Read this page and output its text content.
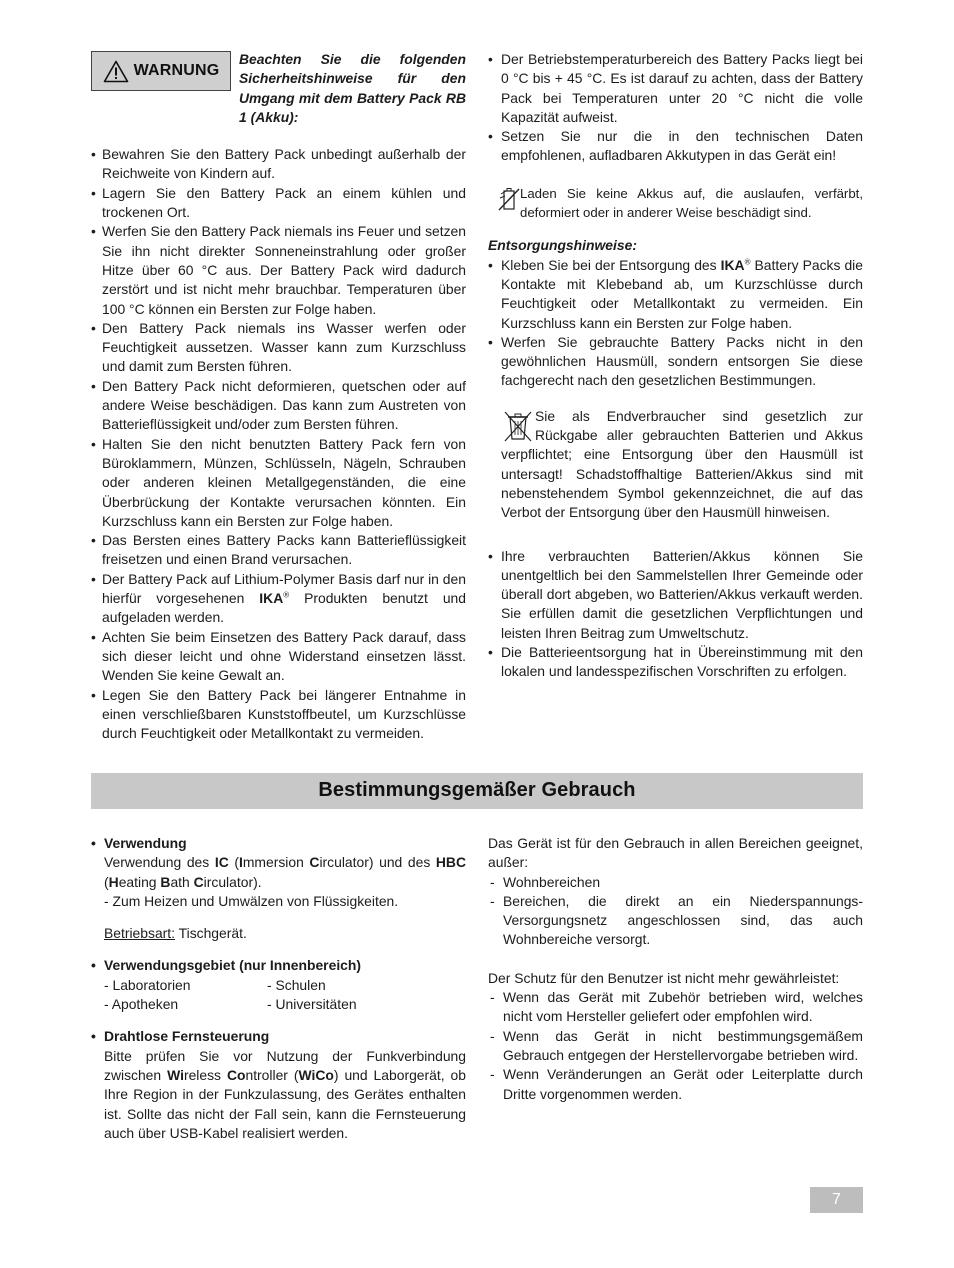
WARNUNG
Beachten Sie die folgenden Sicherheitshinweise für den Umgang mit dem Battery Pack RB 1 (Akku):
• Bewahren Sie den Battery Pack unbedingt außerhalb der Reichweite von Kindern auf.
• Lagern Sie den Battery Pack an einem kühlen und trockenen Ort.
• Werfen Sie den Battery Pack niemals ins Feuer und setzen Sie ihn nicht direkter Sonneneinstrahlung oder großer Hitze über 60 °C aus. Der Battery Pack wird dadurch zerstört und ist nicht mehr brauchbar. Temperaturen über 100 °C können ein Bersten zur Folge haben.
• Den Battery Pack niemals ins Wasser werfen oder Feuchtigkeit aussetzen. Wasser kann zum Kurzschluss und damit zum Bersten führen.
• Den Battery Pack nicht deformieren, quetschen oder auf andere Weise beschädigen. Das kann zum Austreten von Batterieflüssigkeit und/oder zum Bersten führen.
• Halten Sie den nicht benutzten Battery Pack fern von Büroklammern, Münzen, Schlüsseln, Nägeln, Schrauben oder anderen kleinen Metallgegenständen, die eine Überbrückung der Kontakte verursachen könnten. Ein Kurzschluss kann ein Bersten zur Folge haben.
• Das Bersten eines Battery Packs kann Batterieflüssigkeit freisetzen und einen Brand verursachen.
• Der Battery Pack auf Lithium-Polymer Basis darf nur in den hierfür vorgesehenen IKA® Produkten benutzt und aufgeladen werden.
• Achten Sie beim Einsetzen des Battery Pack darauf, dass sich dieser leicht und ohne Widerstand einsetzen lässt. Wenden Sie keine Gewalt an.
• Legen Sie den Battery Pack bei längerer Entnahme in einen verschließbaren Kunststoffbeutel, um Kurzschlüsse durch Feuchtigkeit oder Metallkontakt zu vermeiden.
• Der Betriebstemperaturbereich des Battery Packs liegt bei 0 °C bis + 45 °C. Es ist darauf zu achten, dass der Battery Pack bei Temperaturen unter 20 °C nicht die volle Kapazität aufweist.
• Setzen Sie nur die in den technischen Daten empfohlenen, aufladbaren Akkutypen in das Gerät ein!
Laden Sie keine Akkus auf, die auslaufen, verfärbt, deformiert oder in anderer Weise beschädigt sind.
Entsorgungshinweise:
• Kleben Sie bei der Entsorgung des IKA® Battery Packs die Kontakte mit Klebeband ab, um Kurzschlüsse durch Feuchtigkeit oder Metallkontakt zu vermeiden. Ein Kurzschluss kann ein Bersten zur Folge haben.
• Werfen Sie gebrauchte Battery Packs nicht in den gewöhnlichen Hausmüll, sondern entsorgen Sie diese fachgerecht nach den gesetzlichen Bestimmungen.
Sie als Endverbraucher sind gesetzlich zur Rückgabe aller gebrauchten Batterien und Akkus verpflichtet; eine Entsorgung über den Hausmüll ist untersagt! Schadstoffhaltige Batterien/Akkus sind mit nebenstehendem Symbol gekennzeichnet, die auf das Verbot der Entsorgung über den Hausmüll hinweisen.
• Ihre verbrauchten Batterien/Akkus können Sie unentgeltlich bei den Sammelstellen Ihrer Gemeinde oder überall dort abgeben, wo Batterien/Akkus verkauft werden. Sie erfüllen damit die gesetzlichen Verpflichtungen und leisten Ihren Beitrag zum Umweltschutz.
• Die Batterieentsorgung hat in Übereinstimmung mit den lokalen und landesspezifischen Vorschriften zu erfolgen.
Bestimmungsgemäßer Gebrauch
• Verwendung
Verwendung des IC (Immersion Circulator) und des HBC (Heating Bath Circulator).
- Zum Heizen und Umwälzen von Flüssigkeiten.
Betriebsart: Tischgerät.
• Verwendungsgebiet (nur Innenbereich)
- Laboratorien	- Schulen
- Apotheken	- Universitäten
• Drahtlose Fernsteuerung
Bitte prüfen Sie vor Nutzung der Funkverbindung zwischen Wireless Controller (WiCo) und Laborgerät, ob Ihre Region in der Funkzulassung, des Gerätes enthalten ist. Sollte das nicht der Fall sein, kann die Fernsteuerung auch über USB-Kabel realisiert werden.
Das Gerät ist für den Gebrauch in allen Bereichen geeignet, außer:
- Wohnbereichen
- Bereichen, die direkt an ein Niederspannungs-Versorgungsnetz angeschlossen sind, das auch Wohnbereiche versorgt.
Der Schutz für den Benutzer ist nicht mehr gewährleistet:
- Wenn das Gerät mit Zubehör betrieben wird, welches nicht vom Hersteller geliefert oder empfohlen wird.
- Wenn das Gerät in nicht bestimmungsgemäßem Gebrauch entgegen der Herstellervorgabe betrieben wird.
- Wenn Veränderungen an Gerät oder Leiterplatte durch Dritte vorgenommen werden.
7
